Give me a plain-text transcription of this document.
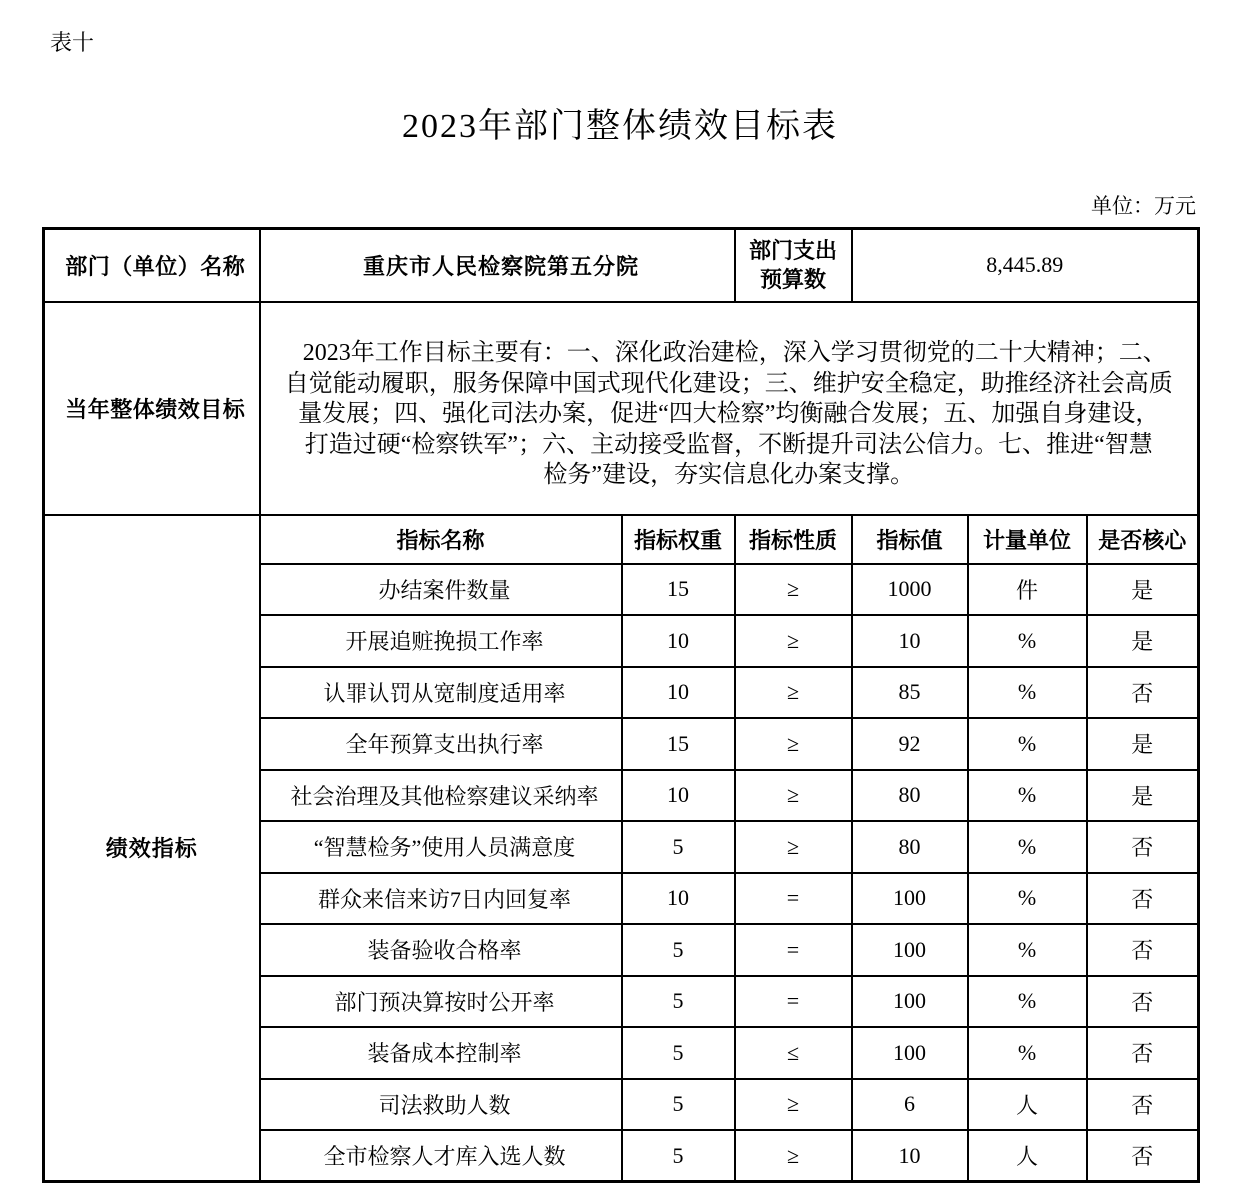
表十
2023年部门整体绩效目标表
单位：万元
部门（单位）名称	重庆市人民检察院第五分院		部门支出预算数	8,445.89		
当年整体绩效目标	2023年工作目标主要有：一、深化政治建检，深入学习贯彻党的二十大精神；二、
自觉能动履职，服务保障中国式现代化建设；三、维护安全稳定，助推经济社会高质
量发展；四、强化司法办案，促进“四大检察”均衡融合发展；五、加强自身建设，
打造过硬“检察铁军”；六、主动接受监督，不断提升司法公信力。七、推进“智慧
检务”建设，夯实信息化办案支撑。					

绩效指标	指标名称	指标权重	指标性质	指标值	计量单位	是否核心
	办结案件数量	15	≥	1000	件	是
	开展追赃挽损工作率	10	≥	10	%	是
	认罪认罚从宽制度适用率	10	≥	85	%	否
	全年预算支出执行率	15	≥	92	%	是
	社会治理及其他检察建议采纳率	10	≥	80	%	是
	“智慧检务”使用人员满意度	5	≥	80	%	否
	群众来信来访7日内回复率	10	=	100	%	否
	装备验收合格率	5	=	100	%	否
	部门预决算按时公开率	5	=	100	%	否
	装备成本控制率	5	≤	100	%	否
	司法救助人数	5	≥	6	人	否
	全市检察人才库入选人数	5	≥	10	人	否
